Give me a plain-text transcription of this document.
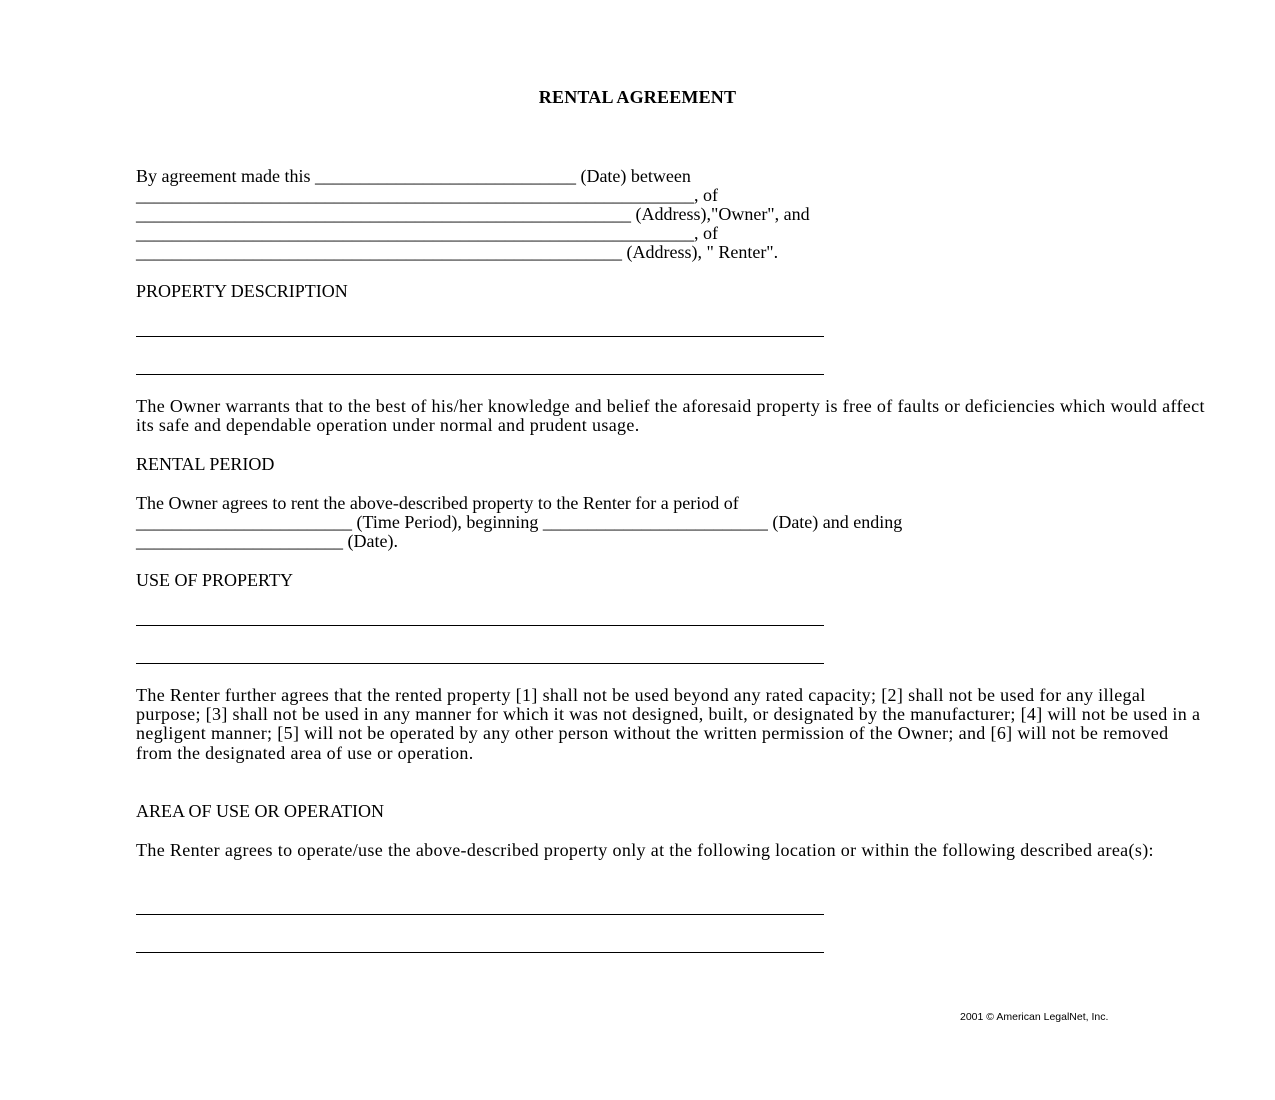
RENTAL AGREEMENT
By agreement made this _____________________________ (Date) between
______________________________________________________________, of
_______________________________________________________ (Address),"Owner", and
______________________________________________________________, of
______________________________________________________ (Address), " Renter".
PROPERTY DESCRIPTION

The Owner warrants that to the best of his/her knowledge and belief the aforesaid property is free of faults or deficiencies which would affect its safe and dependable operation under normal and prudent usage.

RENTAL PERIOD
The Owner agrees to rent the above-described property to the Renter for a period of
________________________ (Time Period), beginning _________________________ (Date) and ending
_______________________ (Date).
USE OF PROPERTY

The Renter further agrees that the rented property [1] shall not be used beyond any rated capacity; [2] shall not be used for any illegal purpose; [3] shall not be used in any manner for which it was not designed, built, or designated by the manufacturer; [4] will not be used in a negligent manner; [5] will not be operated by any other person without the written permission of the Owner; and [6] will not be removed from the designated area of use or operation.

AREA OF USE OR OPERATION

The Renter agrees to operate/use the above-described property only at the following location or within the following described area(s):

2001 © American LegalNet, Inc.
